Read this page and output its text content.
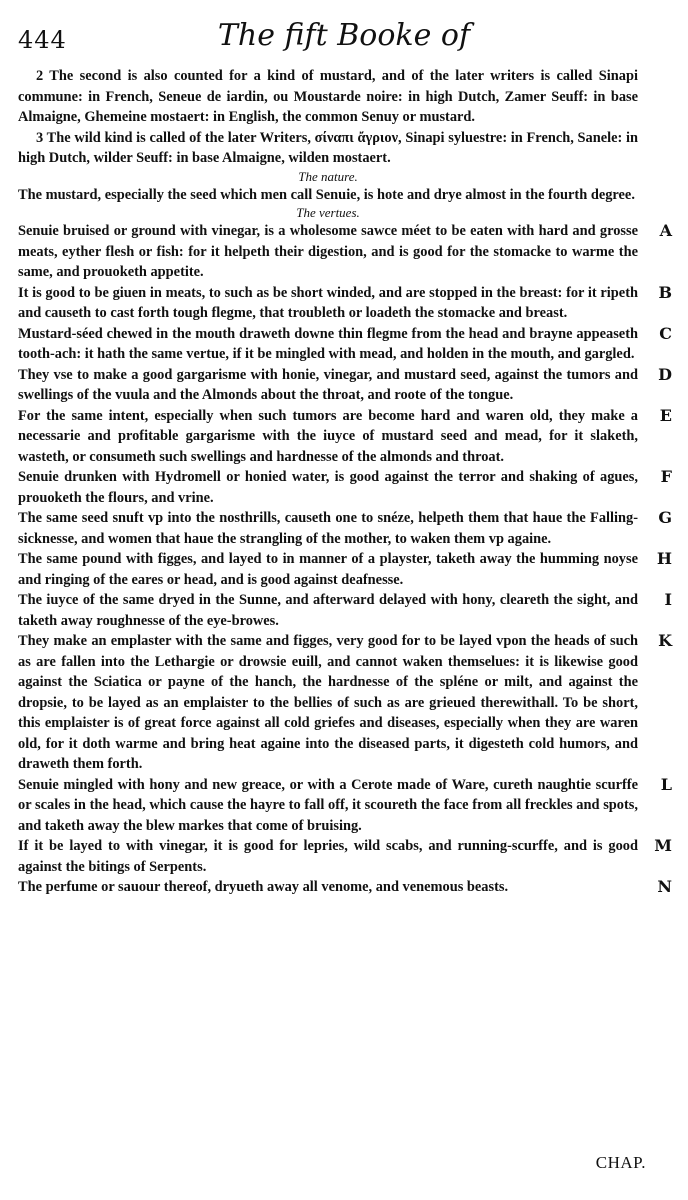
444	The fift Booke of

2 The second is also counted for a kind of mustard, and of the later writers is called Sinapi commune: in French, Seneue de iardin, ou Moustarde noire: in high Dutch, Zamer Seuff: in base Almaigne, Ghemeine mostaert: in English, the common Senuy or mustard.

3 The wild kind is called of the later Writers, σίναπι ἄγριον, Sinapi syluestre: in French, Sanele: in high Dutch, wilder Seuff: in base Almaigne, wilden mostaert.

The nature.

The mustard, especially the seed which men call Senuie, is hote and drye almost in the fourth degree.

The vertues.

Senuie bruised or ground with vinegar, is a wholesome sawce méet to be eaten with hard and grosse meats, eyther flesh or fish: for it helpeth their digestion, and is good for the stomacke to warme the same, and prouoketh appetite.

A

It is good to be giuen in meats, to such as be short winded, and are stopped in the breast: for it ripeth and causeth to cast forth tough flegme, that troubleth or loadeth the stomacke and breast.

B

Mustard-séed chewed in the mouth draweth downe thin flegme from the head and brayne appeaseth tooth-ach: it hath the same vertue, if it be mingled with mead, and holden in the mouth, and gargled.

C

They vse to make a good gargarisme with honie, vinegar, and mustard seed, against the tumors and swellings of the vuula and the Almonds about the throat, and roote of the tongue.

D

For the same intent, especially when such tumors are become hard and waren old, they make a necessarie and profitable gargarisme with the iuyce of mustard seed and mead, for it slaketh, wasteth, or consumeth such swellings and hardnesse of the almonds and throat.

E

Senuie drunken with Hydromell or honied water, is good against the terror and shaking of agues, prouoketh the flours, and vrine.

F

The same seed snuft vp into the nosthrills, causeth one to snéze, helpeth them that haue the Falling-sicknesse, and women that haue the strangling of the mother, to waken them vp againe.

G

The same pound with figges, and layed to in manner of a playster, taketh away the humming noyse and ringing of the eares or head, and is good against deafnesse.

H

The iuyce of the same dryed in the Sunne, and afterward delayed with hony, cleareth the sight, and taketh away roughnesse of the eye-browes.

I

They make an emplaster with the same and figges, very good for to be layed vpon the heads of such as are fallen into the Lethargie or drowsie euill, and cannot waken themselues: it is likewise good against the Sciatica or payne of the hanch, the hardnesse of the spléne or milt, and against the dropsie, to be layed as an emplaister to the bellies of such as are grieued therewithall. To be short, this emplaister is of great force against all cold griefes and diseases, especially when they are waren old, for it doth warme and bring heat againe into the diseased parts, it digesteth cold humors, and draweth them forth.

K

Senuie mingled with hony and new greace, or with a Cerote made of Ware, cureth naughtie scurffe or scales in the head, which cause the hayre to fall off, it scoureth the face from all freckles and spots, and taketh away the blew markes that come of bruising.

L

If it be layed to with vinegar, it is good for lepries, wild scabs, and running-scurffe, and is good against the bitings of Serpents.

M

The perfume or sauour thereof, dryueth away all venome, and venemous beasts.	N
CHAP.
